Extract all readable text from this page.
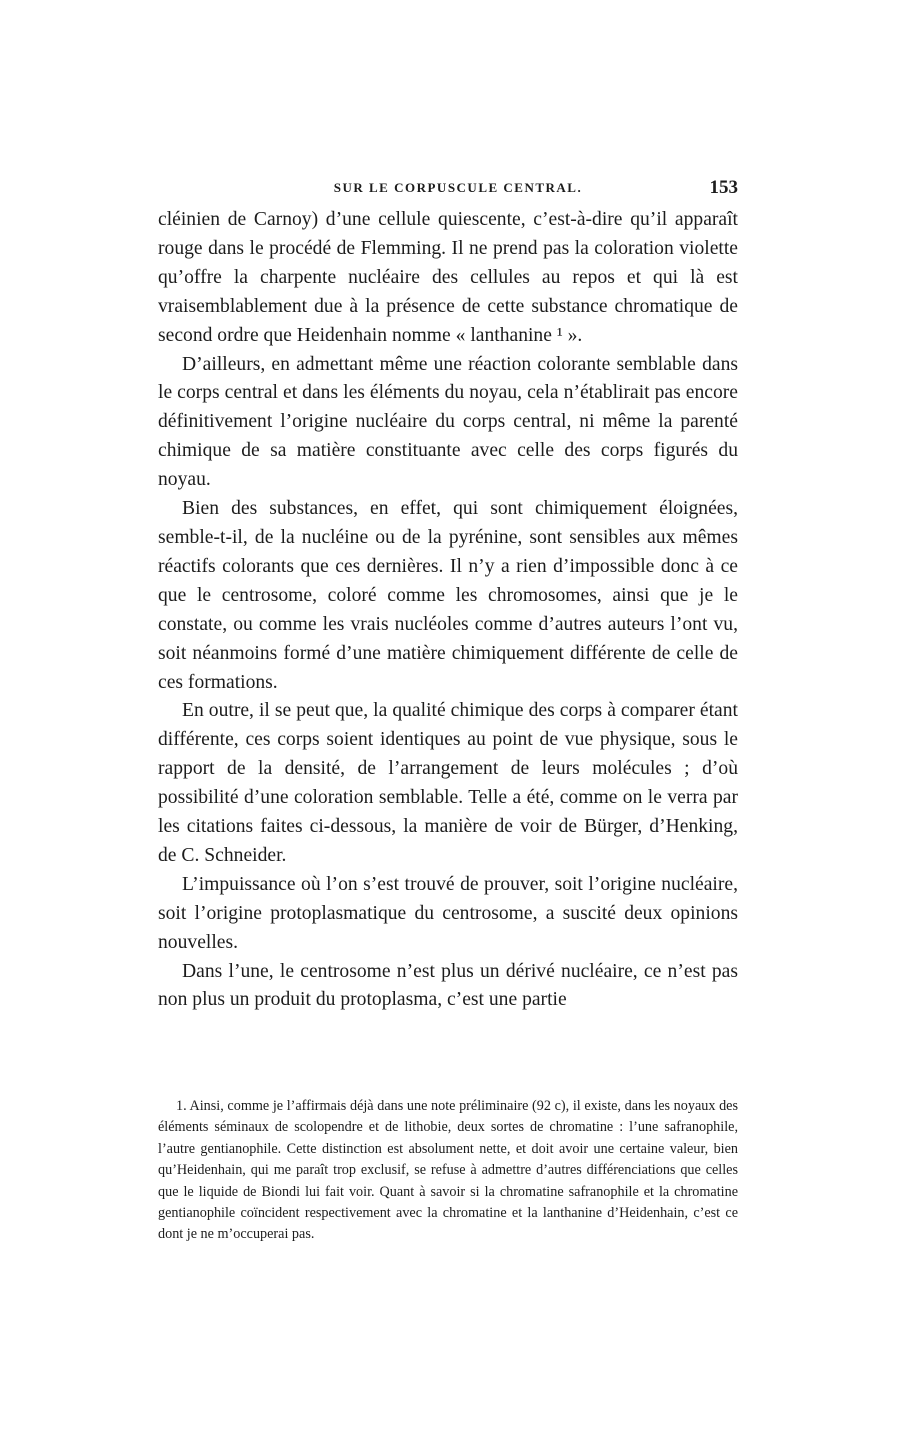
SUR LE CORPUSCULE CENTRAL.	153

cléinien de Carnoy) d’une cellule quiescente, c’est-à-dire qu’il apparaît rouge dans le procédé de Flemming. Il ne prend pas la coloration violette qu’offre la charpente nucléaire des cellules au repos et qui là est vraisemblablement due à la présence de cette substance chromatique de second ordre que Heidenhain nomme « lanthanine ¹ ».

D’ailleurs, en admettant même une réaction colorante semblable dans le corps central et dans les éléments du noyau, cela n’établirait pas encore définitivement l’origine nucléaire du corps central, ni même la parenté chimique de sa matière constituante avec celle des corps figurés du noyau.

Bien des substances, en effet, qui sont chimiquement éloignées, semble-t-il, de la nucléine ou de la pyrénine, sont sensibles aux mêmes réactifs colorants que ces dernières. Il n’y a rien d’impossible donc à ce que le centrosome, coloré comme les chromosomes, ainsi que je le constate, ou comme les vrais nucléoles comme d’autres auteurs l’ont vu, soit néanmoins formé d’une matière chimiquement différente de celle de ces formations.

En outre, il se peut que, la qualité chimique des corps à comparer étant différente, ces corps soient identiques au point de vue physique, sous le rapport de la densité, de l’arrangement de leurs molécules ; d’où possibilité d’une coloration semblable. Telle a été, comme on le verra par les citations faites ci-dessous, la manière de voir de Bürger, d’Henking, de C. Schneider.

L’impuissance où l’on s’est trouvé de prouver, soit l’origine nucléaire, soit l’origine protoplasmatique du centrosome, a suscité deux opinions nouvelles.

Dans l’une, le centrosome n’est plus un dérivé nucléaire, ce n’est pas non plus un produit du protoplasma, c’est une partie

1. Ainsi, comme je l’affirmais déjà dans une note préliminaire (92 c), il existe, dans les noyaux des éléments séminaux de scolopendre et de lithobie, deux sortes de chromatine : l’une safranophile, l’autre gentianophile. Cette distinction est absolument nette, et doit avoir une certaine valeur, bien qu’Heidenhain, qui me paraît trop exclusif, se refuse à admettre d’autres différenciations que celles que le liquide de Biondi lui fait voir. Quant à savoir si la chromatine safranophile et la chromatine gentianophile coïncident respectivement avec la chromatine et la lanthanine d’Heidenhain, c’est ce dont je ne m’occuperai pas.
